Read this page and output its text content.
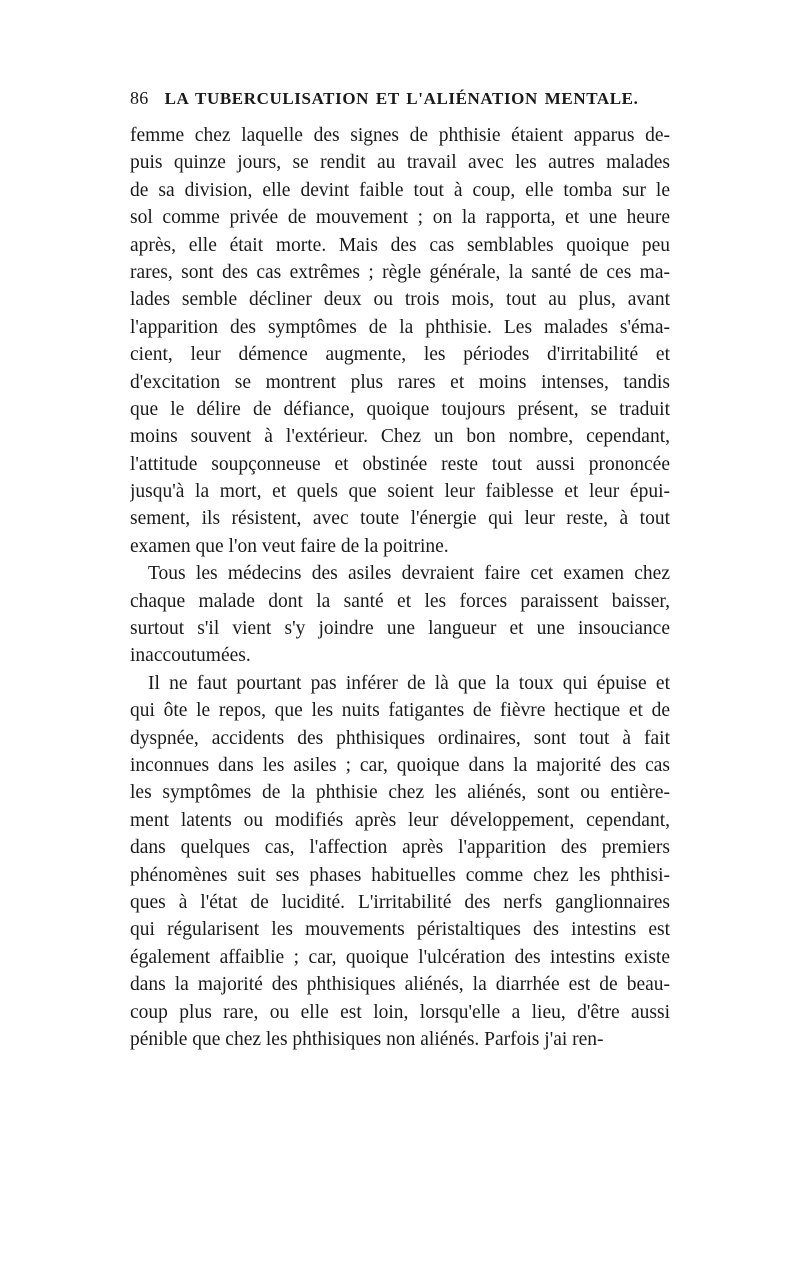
86 LA TUBERCULISATION ET L'ALIÉNATION MENTALE.
femme chez laquelle des signes de phthisie étaient apparus de-
puis quinze jours, se rendit au travail avec les autres malades
de sa division, elle devint faible tout à coup, elle tomba sur le
sol comme privée de mouvement ; on la rapporta, et une heure
après, elle était morte. Mais des cas semblables quoique peu
rares, sont des cas extrêmes ; règle générale, la santé de ces ma-
lades semble décliner deux ou trois mois, tout au plus, avant
l'apparition des symptômes de la phthisie. Les malades s'éma-
cient, leur démence augmente, les périodes d'irritabilité et
d'excitation se montrent plus rares et moins intenses, tandis
que le délire de défiance, quoique toujours présent, se traduit
moins souvent à l'extérieur. Chez un bon nombre, cependant,
l'attitude soupçonneuse et obstinée reste tout aussi prononcée
jusqu'à la mort, et quels que soient leur faiblesse et leur épui-
sement, ils résistent, avec toute l'énergie qui leur reste, à tout
examen que l'on veut faire de la poitrine.
Tous les médecins des asiles devraient faire cet examen chez
chaque malade dont la santé et les forces paraissent baisser,
surtout s'il vient s'y joindre une langueur et une insouciance
inaccoutumées.
Il ne faut pourtant pas inférer de là que la toux qui épuise et
qui ôte le repos, que les nuits fatigantes de fièvre hectique et de
dyspnée, accidents des phthisiques ordinaires, sont tout à fait
inconnues dans les asiles ; car, quoique dans la majorité des cas
les symptômes de la phthisie chez les aliénés, sont ou entière-
ment latents ou modifiés après leur développement, cependant,
dans quelques cas, l'affection après l'apparition des premiers
phénomènes suit ses phases habituelles comme chez les phthisi-
ques à l'état de lucidité. L'irritabilité des nerfs ganglionnaires
qui régularisent les mouvements péristaltiques des intestins est
également affaiblie ; car, quoique l'ulcération des intestins existe
dans la majorité des phthisiques aliénés, la diarrhée est de beau-
coup plus rare, ou elle est loin, lorsqu'elle a lieu, d'être aussi
pénible que chez les phthisiques non aliénés. Parfois j'ai ren-
